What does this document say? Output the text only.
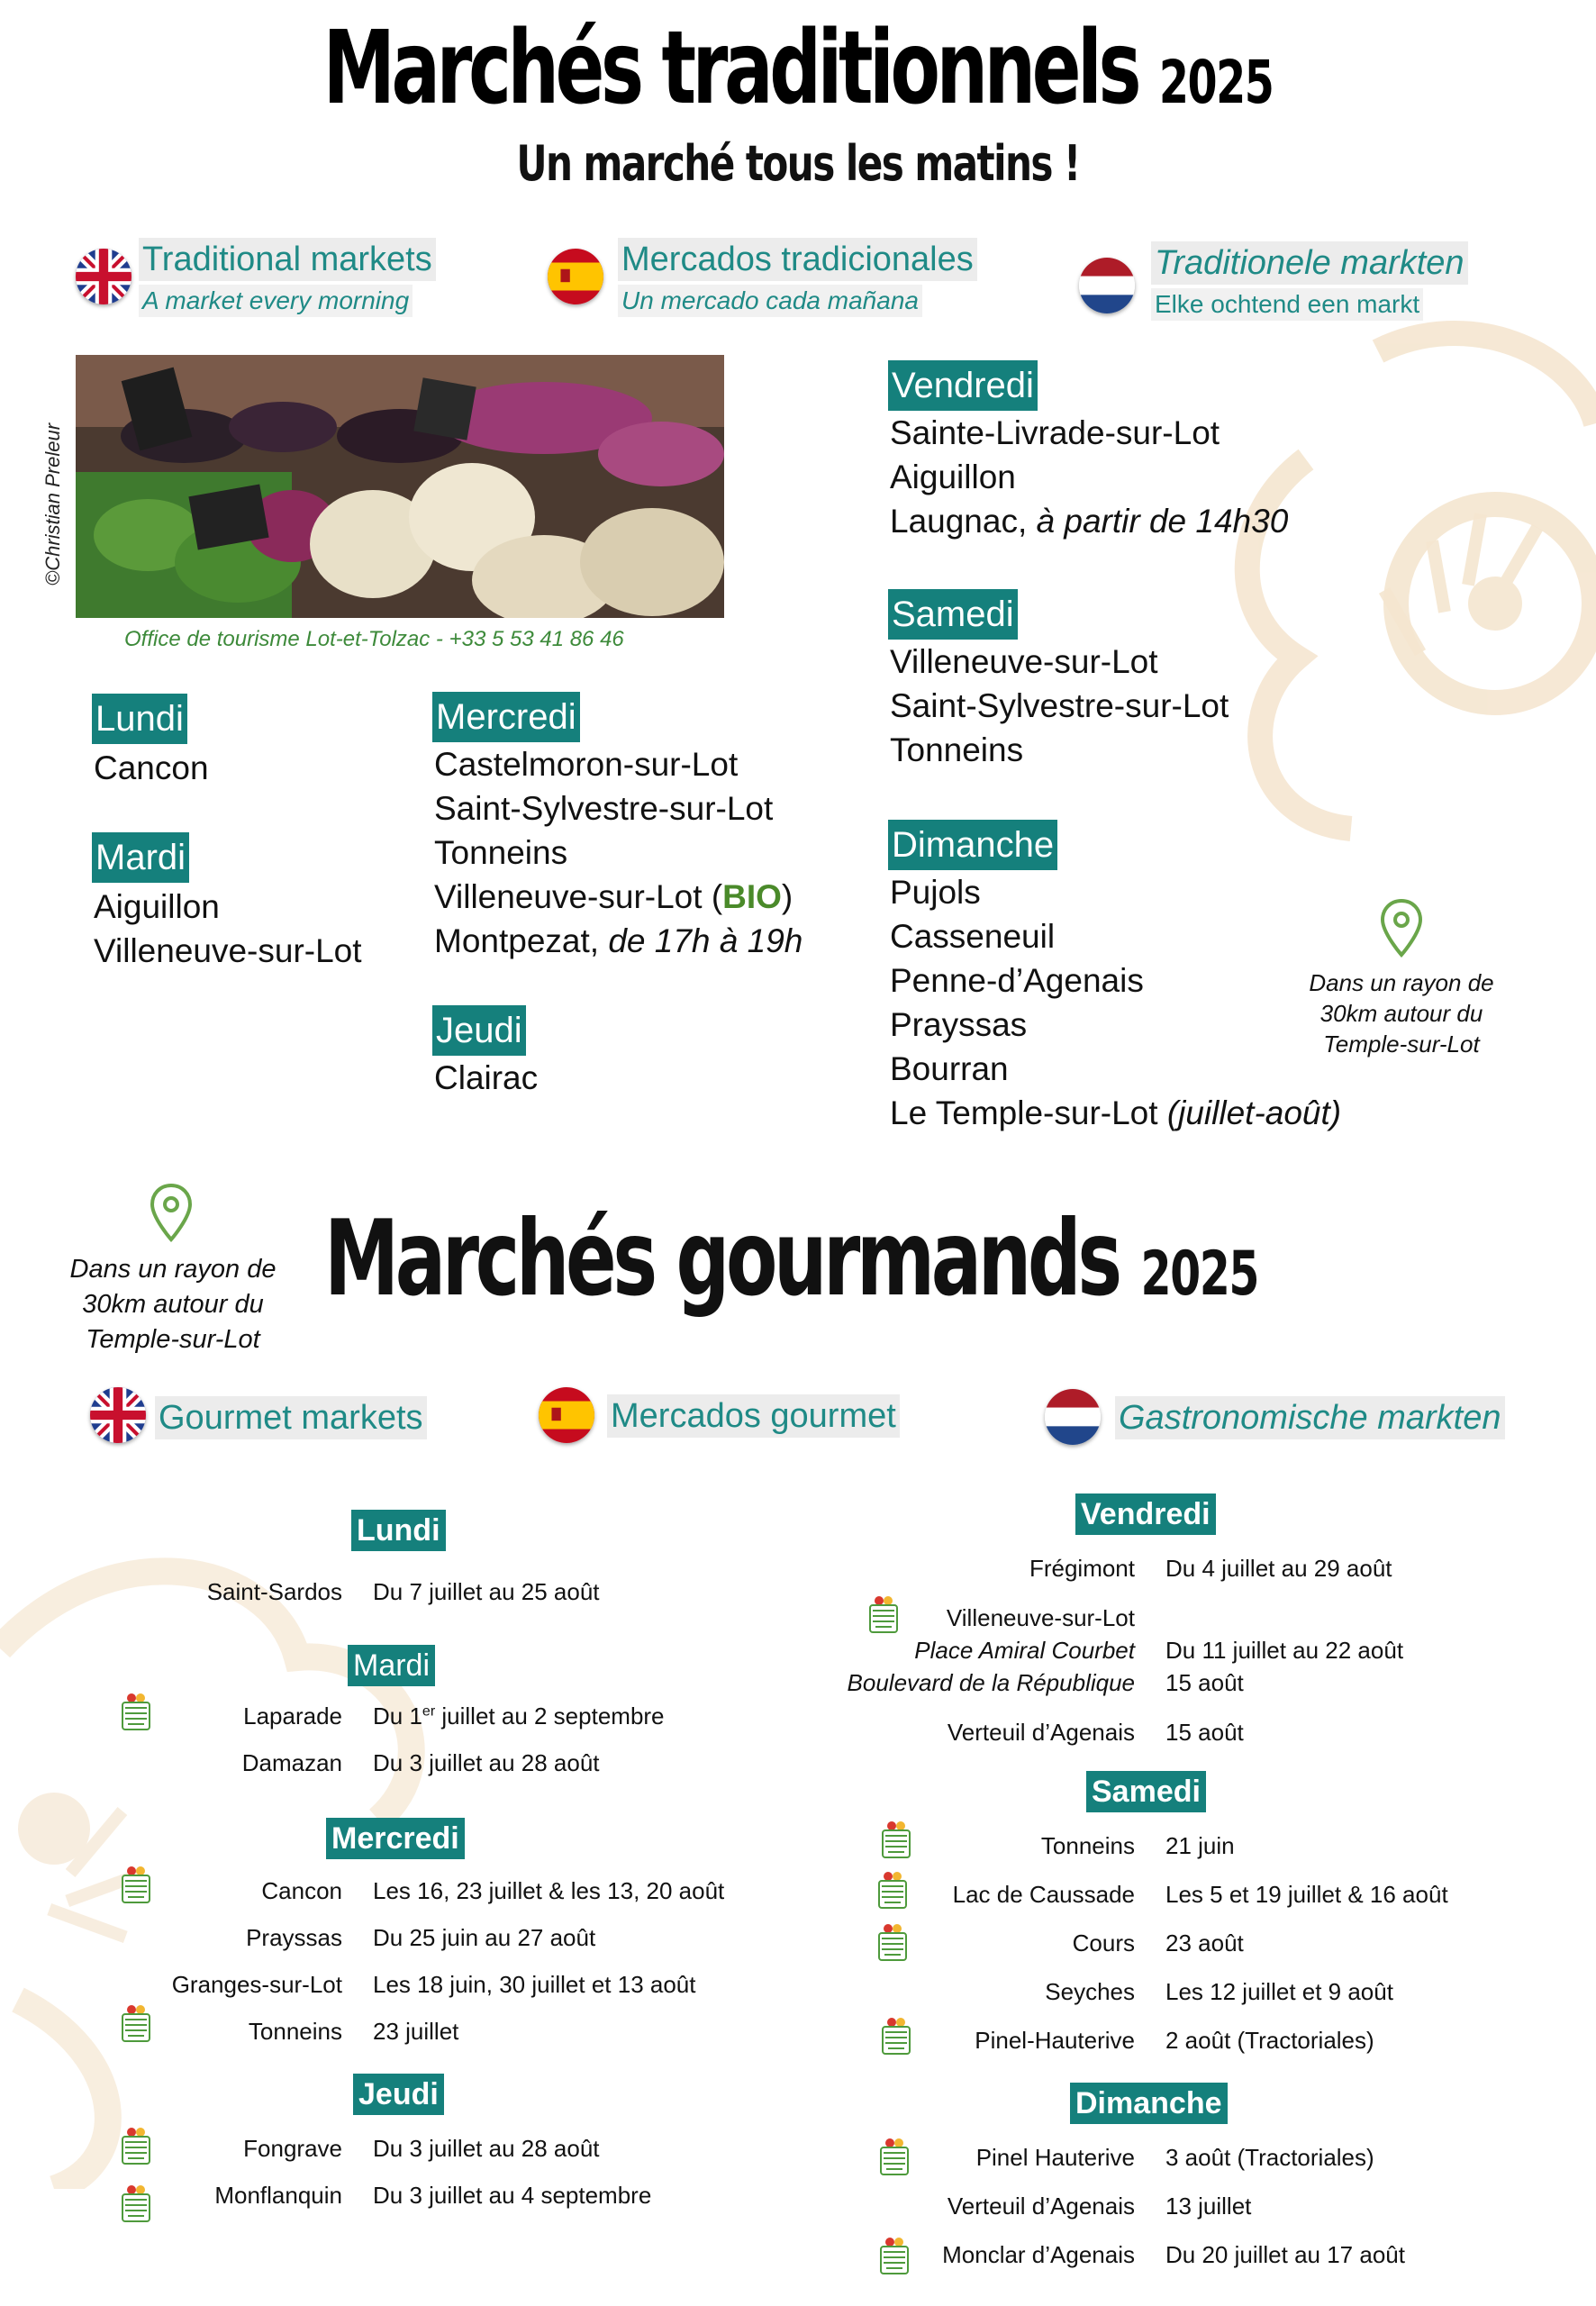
Marchés traditionnels 2025
Un marché tous les matins !
Traditional markets
A market every morning
Mercados tradicionales
Un mercado cada mañana
Traditionele markten
Elke ochtend een markt
©Christian Preleur
Office de tourisme Lot-et-Tolzac - +33 5 53 41 86 46
Lundi
Cancon
Mardi
Aiguillon
Villeneuve-sur-Lot
Mercredi
Castelmoron-sur-Lot
Saint-Sylvestre-sur-Lot
Tonneins
Villeneuve-sur-Lot (BIO)
Montpezat, de 17h à 19h
Jeudi
Clairac
Vendredi
Sainte-Livrade-sur-Lot
Aiguillon
Laugnac, à partir de 14h30
Samedi
Villeneuve-sur-Lot
Saint-Sylvestre-sur-Lot
Tonneins
Dimanche
Pujols
Casseneuil
Penne-d’Agenais
Prayssas
Bourran
Le Temple-sur-Lot (juillet-août)
Dans un rayon de
30km autour du
Temple-sur-Lot
Dans un rayon de
30km autour du
Temple-sur-Lot
Marchés gourmands 2025
Gourmet markets	Mercados gourmet	Gastronomische markten
Lundi
Saint-Sardos Du 7 juillet au 25 août
Mardi
Laparade Du 1er juillet au 2 septembre
Damazan Du 3 juillet au 28 août
Mercredi
Cancon Les 16, 23 juillet & les 13, 20 août
Prayssas Du 25 juin au 27 août
Granges-sur-Lot Les 18 juin, 30 juillet et 13 août
Tonneins 23 juillet
Jeudi
Fongrave Du 3 juillet au 28 août
Monflanquin Du 3 juillet au 4 septembre
Vendredi
Frégimont Du 4 juillet au 29 août
Villeneuve-sur-Lot
Place Amiral Courbet
Boulevard de la République
Du 11 juillet au 22 août
15 août
Verteuil d’Agenais 15 août
Samedi
Tonneins 21 juin
Lac de Caussade Les 5 et 19 juillet & 16 août
Cours 23 août
Seyches Les 12 juillet et 9 août
Pinel-Hauterive 2 août (Tractoriales)
Dimanche
Pinel Hauterive 3 août (Tractoriales)
Verteuil d’Agenais 13 juillet
Monclar d’Agenais Du 20 juillet au 17 août
